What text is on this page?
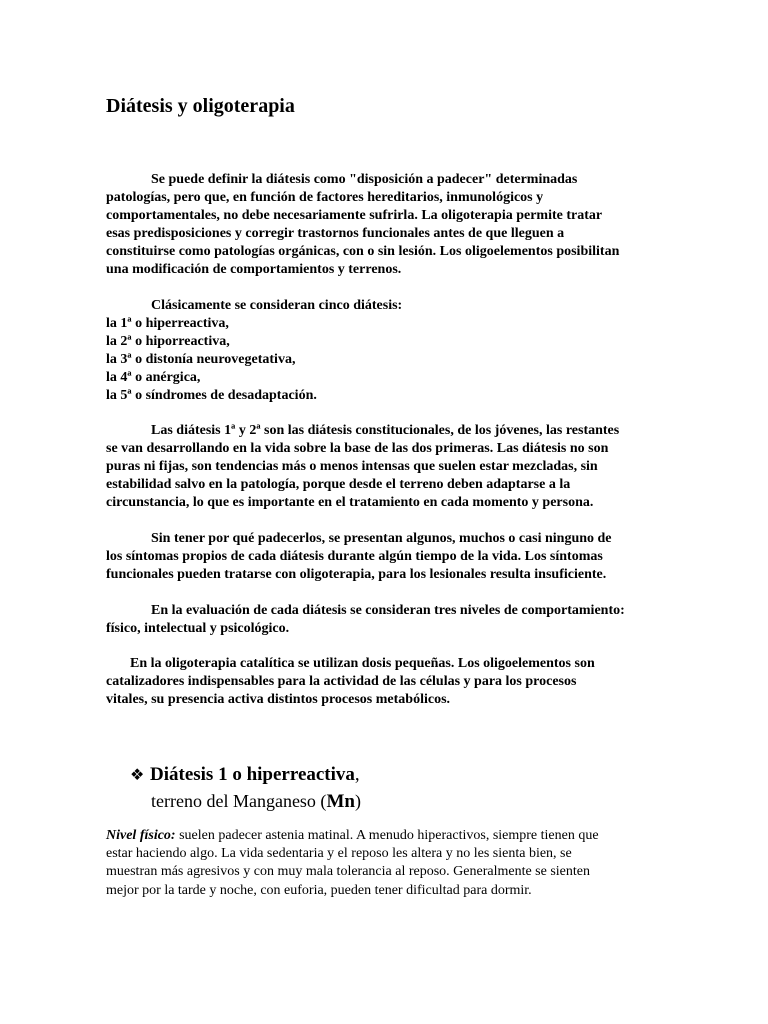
Diátesis y oligoterapia
Se puede definir la diátesis como "disposición a padecer" determinadas
patologías, pero que, en función de factores hereditarios, inmunológicos y
comportamentales, no debe necesariamente sufrirla. La oligoterapia permite tratar
esas predisposiciones y corregir trastornos funcionales antes de que lleguen a
constituirse como patologías orgánicas, con o sin lesión. Los oligoelementos posibilitan
una modificación de comportamientos y terrenos.
Clásicamente se consideran cinco diátesis:
la 1ª o hiperreactiva,
la 2ª o hiporreactiva,
la 3ª o distonía neurovegetativa,
la 4ª o anérgica,
la 5ª o síndromes de desadaptación.
Las diátesis 1ª y 2ª son las diátesis constitucionales, de los jóvenes, las restantes
se van desarrollando en la vida sobre la base de las dos primeras. Las diátesis no son
puras ni fijas, son tendencias más o menos intensas que suelen estar mezcladas, sin
estabilidad salvo en la patología, porque desde el terreno deben adaptarse a la
circunstancia, lo que es importante en el tratamiento en cada momento y persona.
Sin tener por qué padecerlos, se presentan algunos, muchos o casi ninguno de
los síntomas propios de cada diátesis durante algún tiempo de la vida. Los síntomas
funcionales pueden tratarse con oligoterapia, para los lesionales resulta insuficiente.
En la evaluación de cada diátesis se consideran tres niveles de comportamiento:
físico, intelectual y psicológico.
En la oligoterapia catalítica se utilizan dosis pequeñas. Los oligoelementos son
catalizadores indispensables para la actividad de las células y para los procesos
vitales, su presencia activa distintos procesos metabólicos.
❖ Diátesis 1 o hiperreactiva,
terreno del Manganeso (Mn)
Nivel físico: suelen padecer astenia matinal. A menudo hiperactivos, siempre tienen que
estar haciendo algo. La vida sedentaria y el reposo les altera y no les sienta bien, se
muestran más agresivos y con muy mala tolerancia al reposo. Generalmente se sienten
mejor por la tarde y noche, con euforia, pueden tener dificultad para dormir.
